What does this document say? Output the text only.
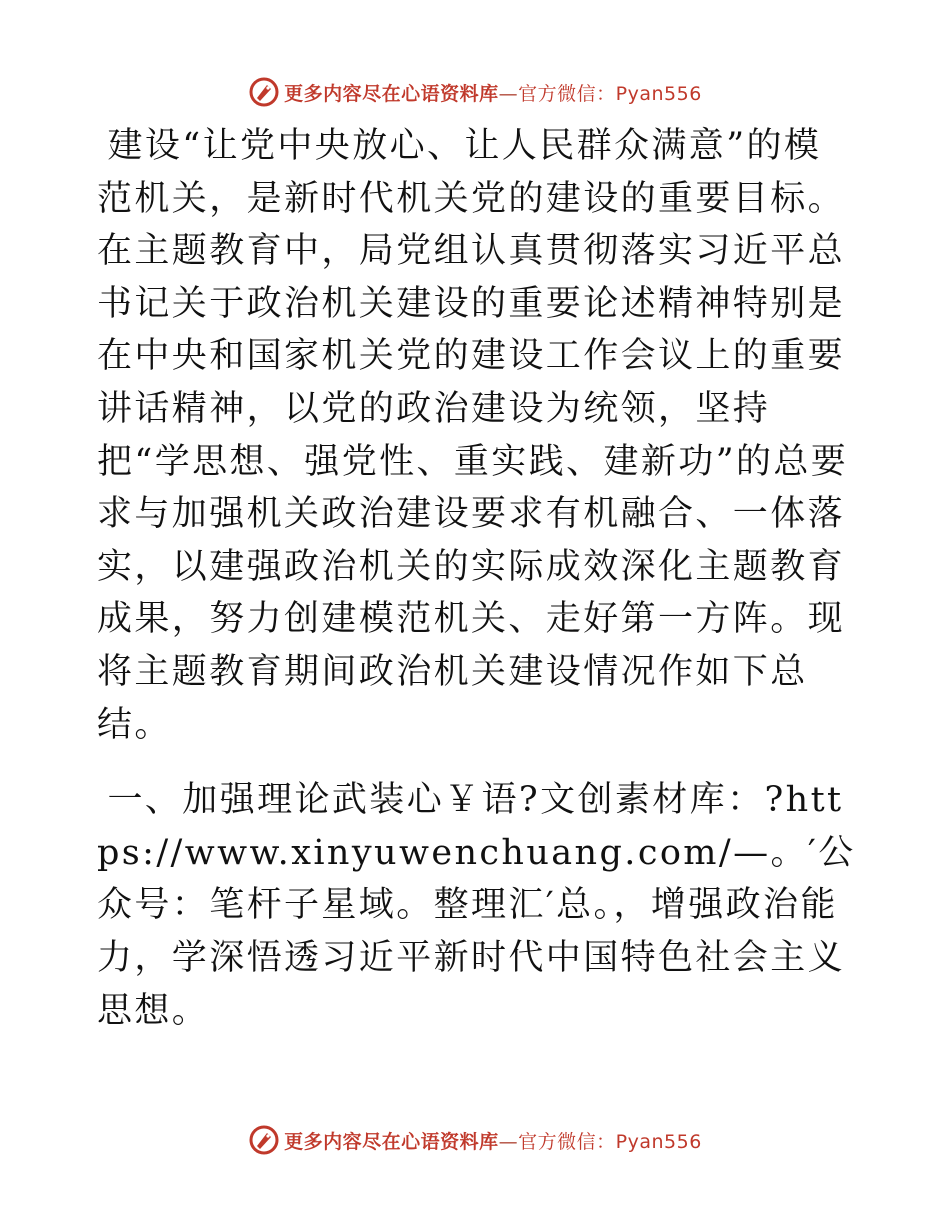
更多内容尽在心语资料库—官方微信：Pyan556

建设“让党中央放心、让人民群众满意”的模范机关，是新时代机关党的建设的重要目标。在主题教育中，局党组认真贯彻落实习近平总书记关于政治机关建设的重要论述精神特别是在中央和国家机关党的建设工作会议上的重要讲话精神，以党的政治建设为统领，坚持把“学思想、强党性、重实践、建新功”的总要求与加强机关政治建设要求有机融合、一体落实，以建强政治机关的实际成效深化主题教育成果，努力创建模范机关、走好第一方阵。现将主题教育期间政治机关建设情况作如下总结。

一、加强理论武装心￥语?文创素材库：?https://www.xinyuwenchuang.com/—。′公众号：笔杆子星域。整理汇′总。，增强政治能力，学深悟透习近平新时代中国特色社会主义思想。

更多内容尽在心语资料库—官方微信：Pyan556
